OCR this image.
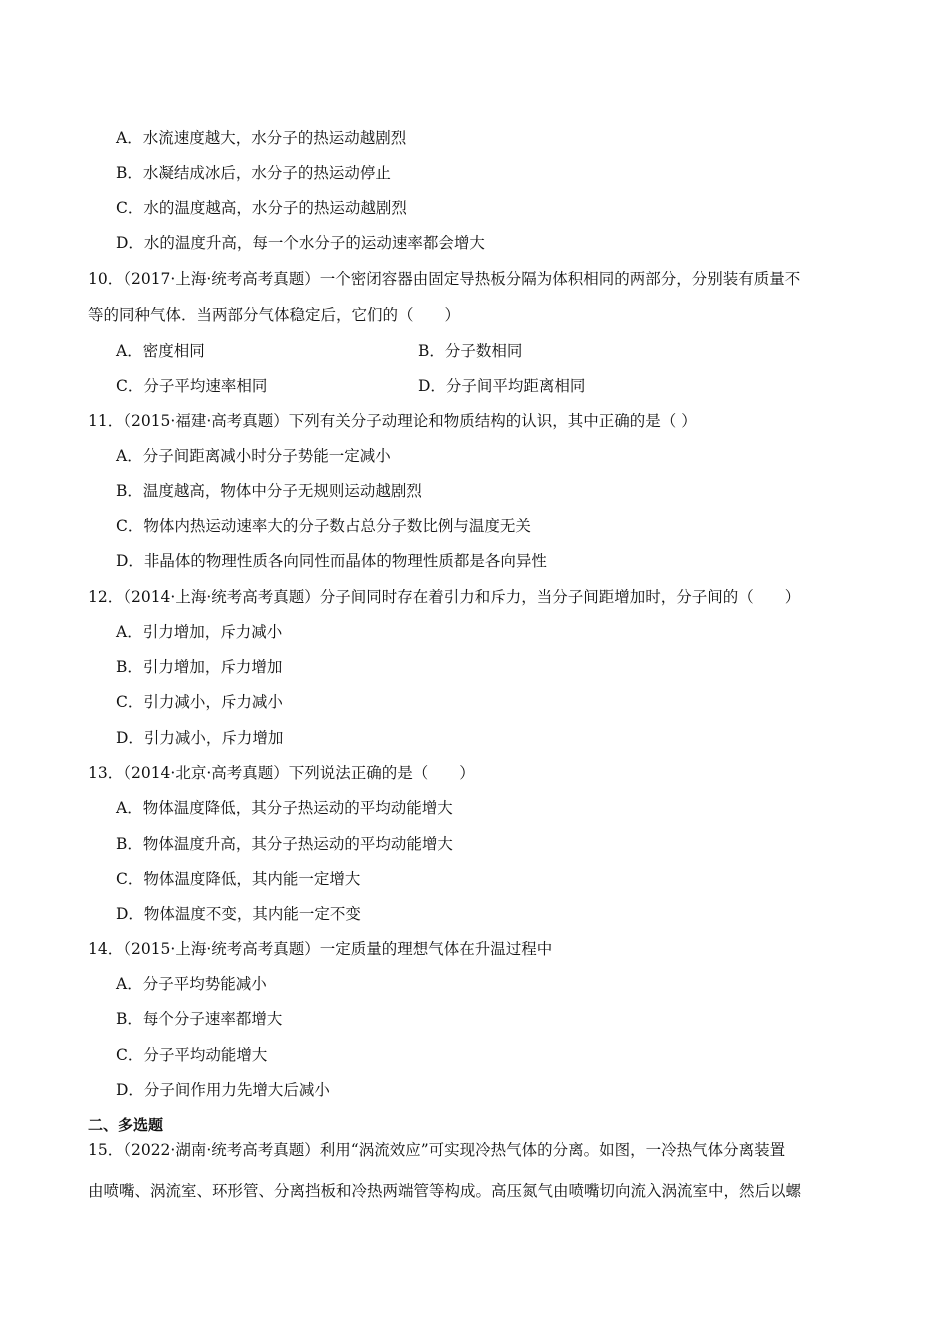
A．水流速度越大，水分子的热运动越剧烈
B．水凝结成冰后，水分子的热运动停止
C．水的温度越高，水分子的热运动越剧烈
D．水的温度升高，每一个水分子的运动速率都会增大
10．（2017·上海·统考高考真题）一个密闭容器由固定导热板分隔为体积相同的两部分，分别装有质量不
等的同种气体．当两部分气体稳定后，它们的（　　）
A．密度相同	B．分子数相同
C．分子平均速率相同	D．分子间平均距离相同
11．（2015·福建·高考真题）下列有关分子动理论和物质结构的认识，其中正确的是（ ）
A．分子间距离减小时分子势能一定减小
B．温度越高，物体中分子无规则运动越剧烈
C．物体内热运动速率大的分子数占总分子数比例与温度无关
D．非晶体的物理性质各向同性而晶体的物理性质都是各向异性
12．（2014·上海·统考高考真题）分子间同时存在着引力和斥力，当分子间距增加时，分子间的（　　）
A．引力增加，斥力减小
B．引力增加，斥力增加
C．引力减小，斥力减小
D．引力减小，斥力增加
13．（2014·北京·高考真题）下列说法正确的是（　　）
A．物体温度降低，其分子热运动的平均动能增大
B．物体温度升高，其分子热运动的平均动能增大
C．物体温度降低，其内能一定增大
D．物体温度不变，其内能一定不变
14．（2015·上海·统考高考真题）一定质量的理想气体在升温过程中
A．分子平均势能减小
B．每个分子速率都增大
C．分子平均动能增大
D．分子间作用力先增大后减小
二、多选题
15．（2022·湖南·统考高考真题）利用“涡流效应”可实现冷热气体的分离。如图，一冷热气体分离装置
由喷嘴、涡流室、环形管、分离挡板和冷热两端管等构成。高压氮气由喷嘴切向流入涡流室中，然后以螺
